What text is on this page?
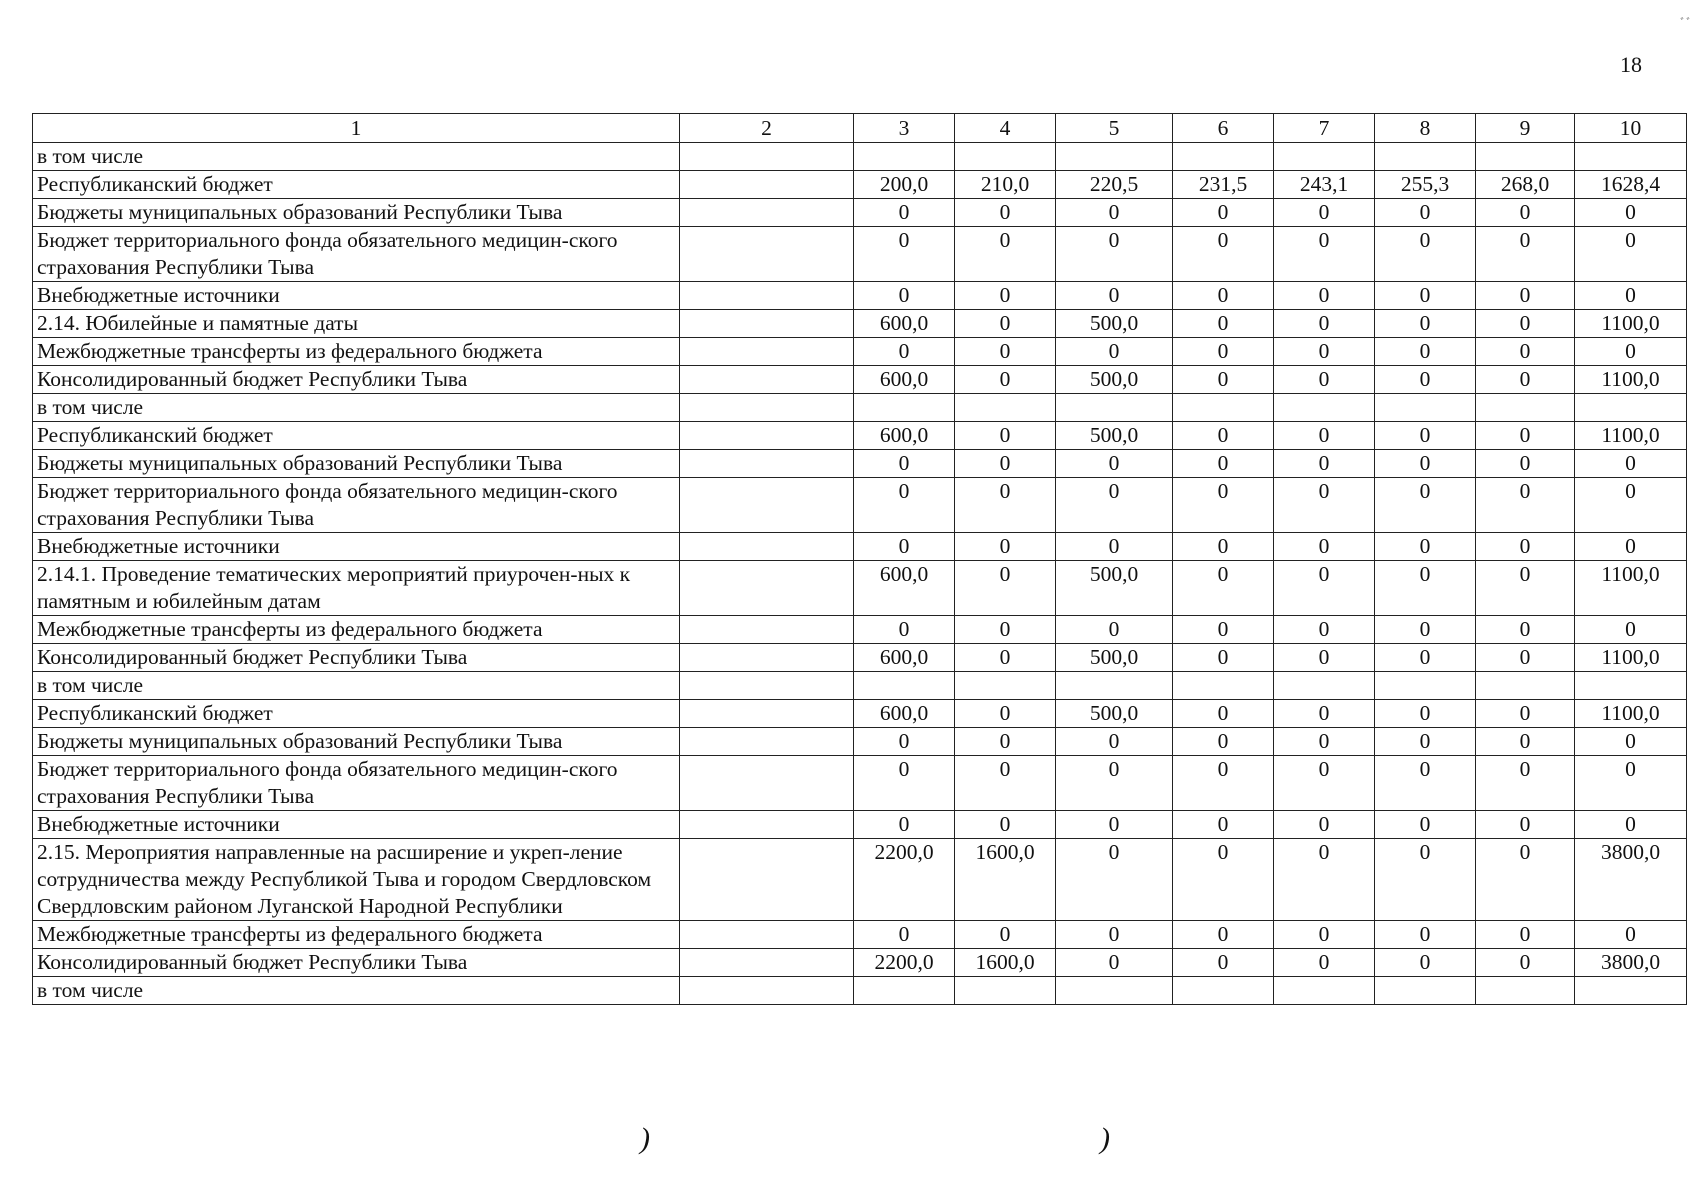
18
ﾞﾞ
1	2	3	4	5	6	7	8	9	10
в том числе									
Республиканский бюджет		200,0	210,0	220,5	231,5	243,1	255,3	268,0	1628,4
Бюджеты муниципальных образований Республики Тыва		0	0	0	0	0	0	0	0
Бюджет территориального фонда обязательного медицин-ского страхования Республики Тыва		0	0	0	0	0	0	0	0
Внебюджетные источники		0	0	0	0	0	0	0	0
2.14. Юбилейные и памятные даты		600,0	0	500,0	0	0	0	0	1100,0
Межбюджетные трансферты из федерального бюджета		0	0	0	0	0	0	0	0
Консолидированный бюджет Республики Тыва		600,0	0	500,0	0	0	0	0	1100,0
в том числе									
Республиканский бюджет		600,0	0	500,0	0	0	0	0	1100,0
Бюджеты муниципальных образований Республики Тыва		0	0	0	0	0	0	0	0
Бюджет территориального фонда обязательного медицин-ского страхования Республики Тыва		0	0	0	0	0	0	0	0
Внебюджетные источники		0	0	0	0	0	0	0	0
2.14.1. Проведение тематических мероприятий приурочен-ных к памятным и юбилейным датам		600,0	0	500,0	0	0	0	0	1100,0
Межбюджетные трансферты из федерального бюджета		0	0	0	0	0	0	0	0
Консолидированный бюджет Республики Тыва		600,0	0	500,0	0	0	0	0	1100,0
в том числе									
Республиканский бюджет		600,0	0	500,0	0	0	0	0	1100,0
Бюджеты муниципальных образований Республики Тыва		0	0	0	0	0	0	0	0
Бюджет территориального фонда обязательного медицин-ского страхования Республики Тыва		0	0	0	0	0	0	0	0
Внебюджетные источники		0	0	0	0	0	0	0	0
2.15. Мероприятия направленные на расширение и укреп-ление сотрудничества между Республикой Тыва и городом Свердловском Свердловским районом Луганской Народной Республики		2200,0	1600,0	0	0	0	0	0	3800,0
Межбюджетные трансферты из федерального бюджета		0	0	0	0	0	0	0	0
Консолидированный бюджет Республики Тыва		2200,0	1600,0	0	0	0	0	0	3800,0
в том числе									
)	)
